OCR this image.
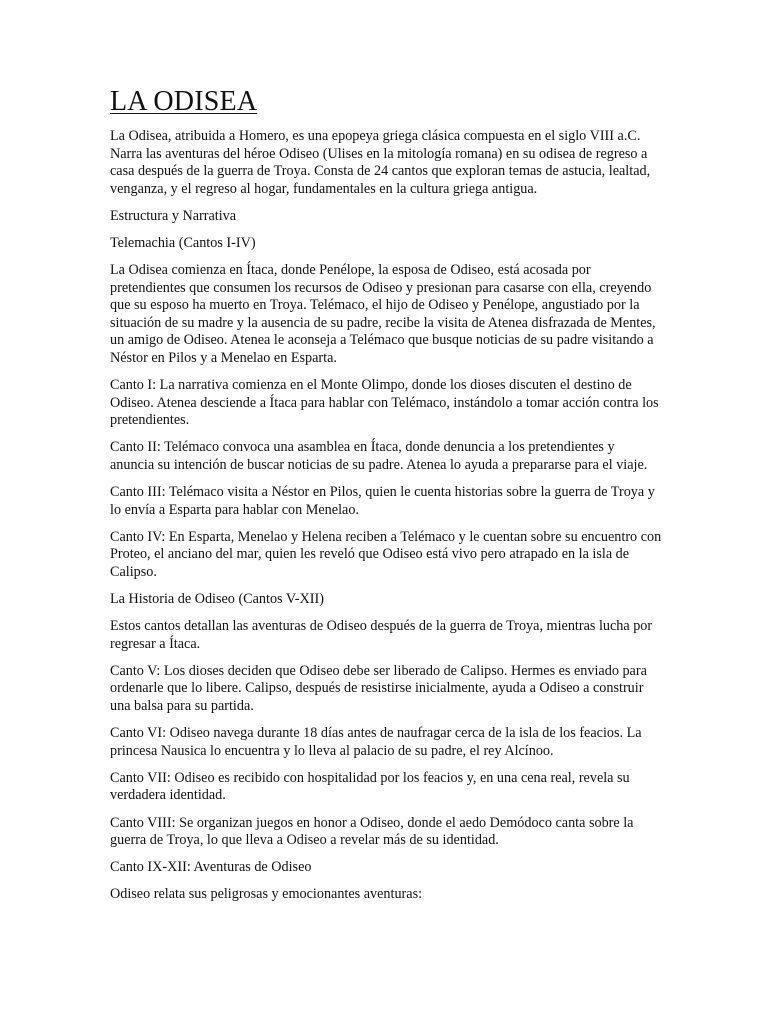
LA ODISEA

La Odisea, atribuida a Homero, es una epopeya griega clásica compuesta en el siglo VIII a.C. Narra las aventuras del héroe Odiseo (Ulises en la mitología romana) en su odisea de regreso a casa después de la guerra de Troya. Consta de 24 cantos que exploran temas de astucia, lealtad, venganza, y el regreso al hogar, fundamentales en la cultura griega antigua.

Estructura y Narrativa

Telemachia (Cantos I-IV)

La Odisea comienza en Ítaca, donde Penélope, la esposa de Odiseo, está acosada por pretendientes que consumen los recursos de Odiseo y presionan para casarse con ella, creyendo que su esposo ha muerto en Troya. Telémaco, el hijo de Odiseo y Penélope, angustiado por la situación de su madre y la ausencia de su padre, recibe la visita de Atenea disfrazada de Mentes, un amigo de Odiseo. Atenea le aconseja a Telémaco que busque noticias de su padre visitando a Néstor en Pilos y a Menelao en Esparta.

Canto I: La narrativa comienza en el Monte Olimpo, donde los dioses discuten el destino de Odiseo. Atenea desciende a Ítaca para hablar con Telémaco, instándolo a tomar acción contra los pretendientes.

Canto II: Telémaco convoca una asamblea en Ítaca, donde denuncia a los pretendientes y anuncia su intención de buscar noticias de su padre. Atenea lo ayuda a prepararse para el viaje.

Canto III: Telémaco visita a Néstor en Pilos, quien le cuenta historias sobre la guerra de Troya y lo envía a Esparta para hablar con Menelao.

Canto IV: En Esparta, Menelao y Helena reciben a Telémaco y le cuentan sobre su encuentro con Proteo, el anciano del mar, quien les reveló que Odiseo está vivo pero atrapado en la isla de Calipso.

La Historia de Odiseo (Cantos V-XII)

Estos cantos detallan las aventuras de Odiseo después de la guerra de Troya, mientras lucha por regresar a Ítaca.

Canto V: Los dioses deciden que Odiseo debe ser liberado de Calipso. Hermes es enviado para ordenarle que lo libere. Calipso, después de resistirse inicialmente, ayuda a Odiseo a construir una balsa para su partida.

Canto VI: Odiseo navega durante 18 días antes de naufragar cerca de la isla de los feacios. La princesa Nausica lo encuentra y lo lleva al palacio de su padre, el rey Alcínoo.

Canto VII: Odiseo es recibido con hospitalidad por los feacios y, en una cena real, revela su verdadera identidad.

Canto VIII: Se organizan juegos en honor a Odiseo, donde el aedo Demódoco canta sobre la guerra de Troya, lo que lleva a Odiseo a revelar más de su identidad.

Canto IX-XII: Aventuras de Odiseo

Odiseo relata sus peligrosas y emocionantes aventuras:
